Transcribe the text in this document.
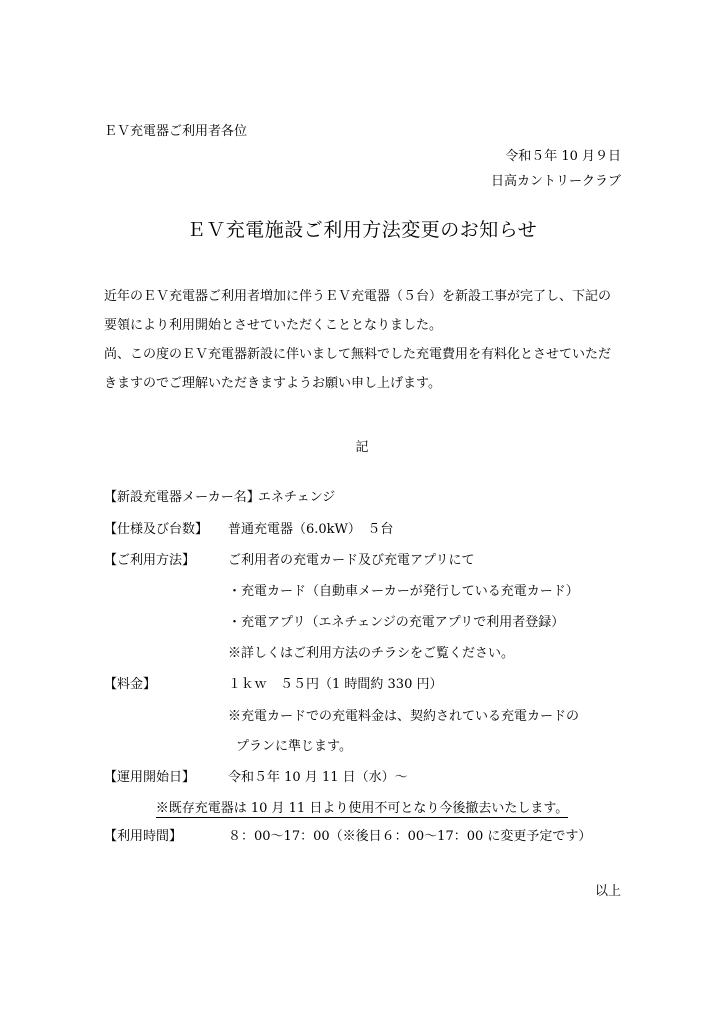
ＥＶ充電器ご利用者各位
令和５年 10 月９日
日高カントリークラブ
ＥＶ充電施設ご利用方法変更のお知らせ
近年のＥＶ充電器ご利用者増加に伴うＥＶ充電器（５台）を新設工事が完了し、下記の
要領により利用開始とさせていただくこととなりました。
尚、この度のＥＶ充電器新設に伴いまして無料でした充電費用を有料化とさせていただ
きますのでご理解いただきますようお願い申し上げます。
記
【新設充電器メーカー名】エネチェンジ
【仕様及び台数】 普通充電器（6.0kW）　５台
【ご利用方法】	ご利用者の充電カード及び充電アプリにて
・充電カード（自動車メーカーが発行している充電カード）
・充電アプリ（エネチェンジの充電アプリで利用者登録）
※詳しくはご利用方法のチラシをご覧ください。
【料金】	１ｋｗ　５５円（1 時間約 330 円）
※充電カードでの充電料金は、契約されている充電カードの
プランに準じます。
【運用開始日】	令和５年 10 月 11 日（水）～
※既存充電器は 10 月 11 日より使用不可となり今後撤去いたします。
【利用時間】	８：00～17：00（※後日６：00～17：00 に変更予定です）
以上
